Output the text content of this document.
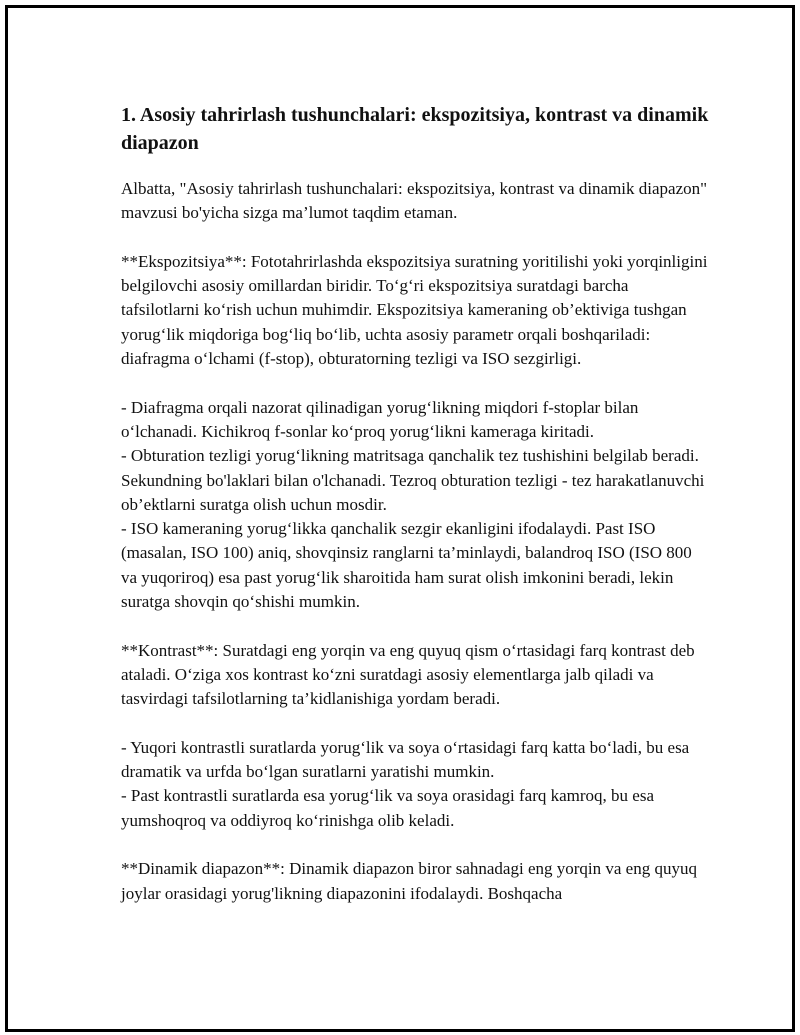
1. Asosiy tahrirlash tushunchalari: ekspozitsiya, kontrast va dinamik diapazon

Albatta, "Asosiy tahrirlash tushunchalari: ekspozitsiya, kontrast va dinamik diapazon" mavzusi bo'yicha sizga ma’lumot taqdim etaman.

**Ekspozitsiya**: Fototahrirlashda ekspozitsiya suratning yoritilishi yoki yorqinligini belgilovchi asosiy omillardan biridir. To‘g‘ri ekspozitsiya suratdagi barcha tafsilotlarni ko‘rish uchun muhimdir. Ekspozitsiya kameraning ob’ektiviga tushgan yorug‘lik miqdoriga bog‘liq bo‘lib, uchta asosiy parametr orqali boshqariladi: diafragma o‘lchami (f-stop), obturatorning tezligi va ISO sezgirligi.

- Diafragma orqali nazorat qilinadigan yorug‘likning miqdori f-stoplar bilan o‘lchanadi. Kichikroq f-sonlar ko‘proq yorug‘likni kameraga kiritadi.

- Obturation tezligi yorug‘likning matritsaga qanchalik tez tushishini belgilab beradi. Sekundning bo'laklari bilan o'lchanadi. Tezroq obturation tezligi - tez harakatlanuvchi ob’ektlarni suratga olish uchun mosdir.

- ISO kameraning yorug‘likka qanchalik sezgir ekanligini ifodalaydi. Past ISO (masalan, ISO 100) aniq, shovqinsiz ranglarni ta’minlaydi, balandroq ISO (ISO 800 va yuqoriroq) esa past yorug‘lik sharoitida ham surat olish imkonini beradi, lekin suratga shovqin qo‘shishi mumkin.

**Kontrast**: Suratdagi eng yorqin va eng quyuq qism o‘rtasidagi farq kontrast deb ataladi. O‘ziga xos kontrast ko‘zni suratdagi asosiy elementlarga jalb qiladi va tasvirdagi tafsilotlarning ta’kidlanishiga yordam beradi.

- Yuqori kontrastli suratlarda yorug‘lik va soya o‘rtasidagi farq katta bo‘ladi, bu esa dramatik va urfda bo‘lgan suratlarni yaratishi mumkin.

- Past kontrastli suratlarda esa yorug‘lik va soya orasidagi farq kamroq, bu esa yumshoqroq va oddiyroq ko‘rinishga olib keladi.

**Dinamik diapazon**: Dinamik diapazon biror sahnadagi eng yorqin va eng quyuq joylar orasidagi yorug'likning diapazonini ifodalaydi. Boshqacha
